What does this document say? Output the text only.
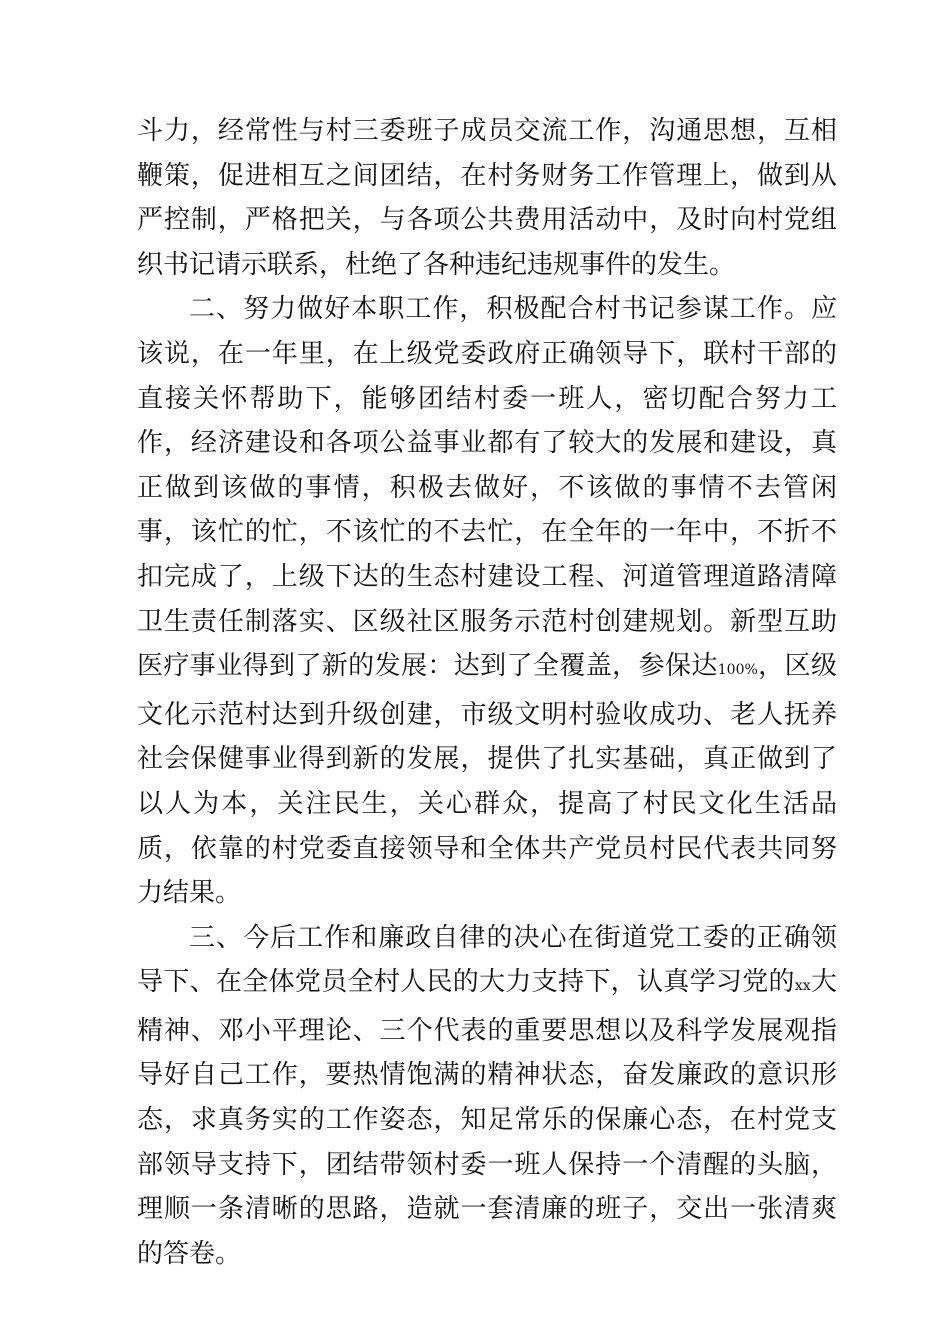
斗力，经常性与村三委班子成员交流工作，沟通思想，互相鞭策，促进相互之间团结，在村务财务工作管理上，做到从严控制，严格把关，与各项公共费用活动中，及时向村党组织书记请示联系，杜绝了各种违纪违规事件的发生。

二、努力做好本职工作，积极配合村书记参谋工作。应该说，在一年里，在上级党委政府正确领导下，联村干部的直接关怀帮助下，能够团结村委一班人，密切配合努力工作，经济建设和各项公益事业都有了较大的发展和建设，真正做到该做的事情，积极去做好，不该做的事情不去管闲事，该忙的忙，不该忙的不去忙，在全年的一年中，不折不扣完成了，上级下达的生态村建设工程、河道管理道路清障卫生责任制落实、区级社区服务示范村创建规划。新型互助医疗事业得到了新的发展：达到了全覆盖，参保达100%，区级文化示范村达到升级创建，市级文明村验收成功、老人抚养社会保健事业得到新的发展，提供了扎实基础，真正做到了以人为本，关注民生，关心群众，提高了村民文化生活品质，依靠的村党委直接领导和全体共产党员村民代表共同努力结果。

三、今后工作和廉政自律的决心在街道党工委的正确领导下、在全体党员全村人民的大力支持下，认真学习党的xx大精神、邓小平理论、三个代表的重要思想以及科学发展观指导好自己工作，要热情饱满的精神状态，奋发廉政的意识形态，求真务实的工作姿态，知足常乐的保廉心态，在村党支部领导支持下，团结带领村委一班人保持一个清醒的头脑，理顺一条清晰的思路，造就一套清廉的班子，交出一张清爽的答卷。
